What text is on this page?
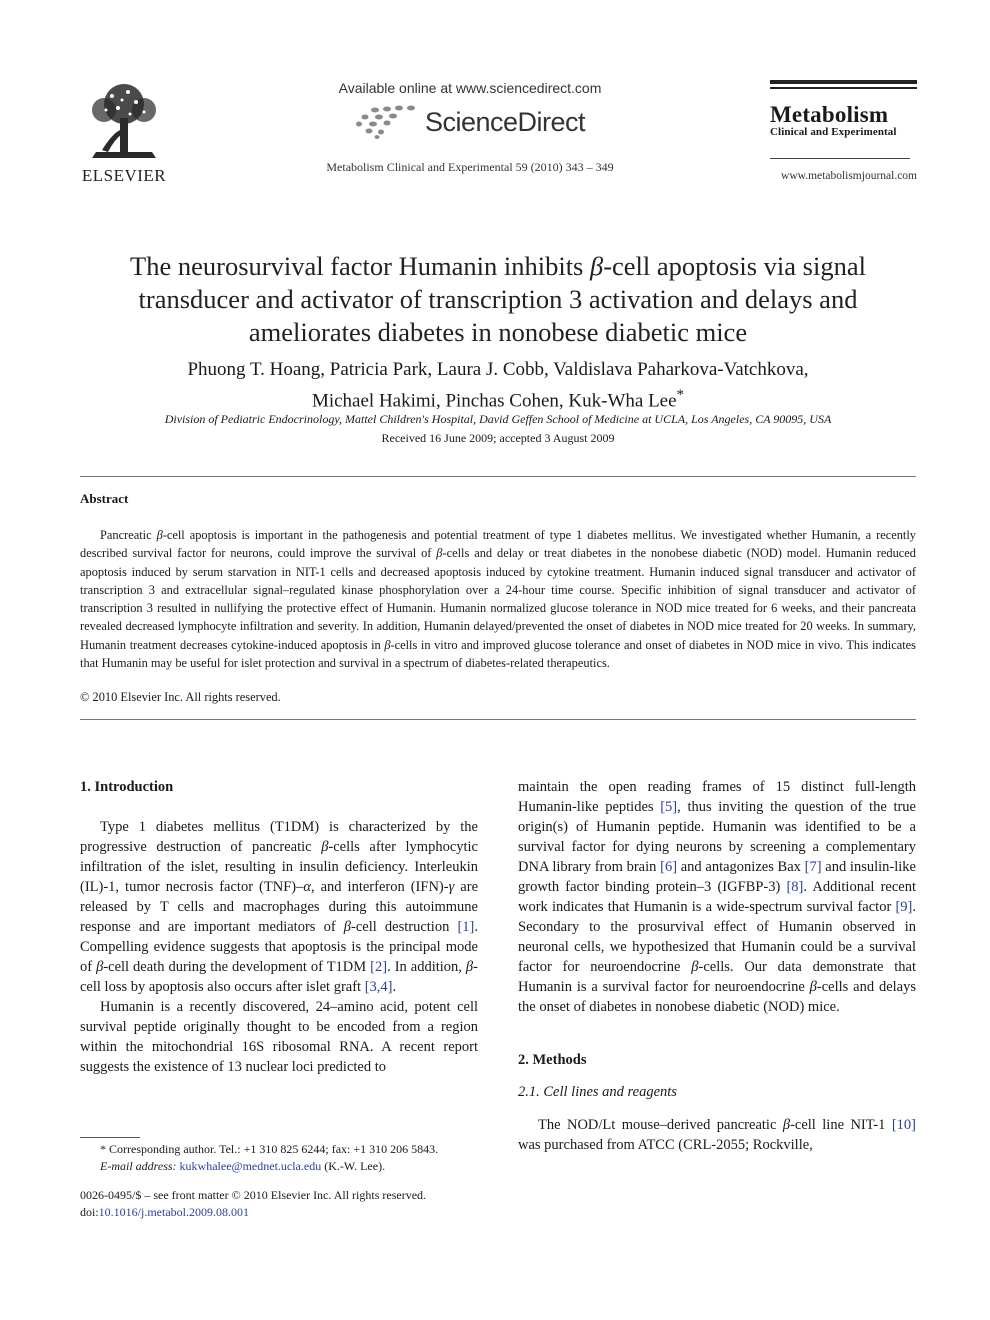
ELSEVIER
Available online at www.sciencedirect.com
ScienceDirect
Metabolism Clinical and Experimental 59 (2010) 343 – 349
Metabolism
Clinical and Experimental
www.metabolismjournal.com
The neurosurvival factor Humanin inhibits β-cell apoptosis via signal transducer and activator of transcription 3 activation and delays and ameliorates diabetes in nonobese diabetic mice
Phuong T. Hoang, Patricia Park, Laura J. Cobb, Valdislava Paharkova-Vatchkova,
Michael Hakimi, Pinchas Cohen, Kuk-Wha Lee*
Division of Pediatric Endocrinology, Mattel Children's Hospital, David Geffen School of Medicine at UCLA, Los Angeles, CA 90095, USA
Received 16 June 2009; accepted 3 August 2009
Abstract
Pancreatic β-cell apoptosis is important in the pathogenesis and potential treatment of type 1 diabetes mellitus. We investigated whether Humanin, a recently described survival factor for neurons, could improve the survival of β-cells and delay or treat diabetes in the nonobese diabetic (NOD) model. Humanin reduced apoptosis induced by serum starvation in NIT-1 cells and decreased apoptosis induced by cytokine treatment. Humanin induced signal transducer and activator of transcription 3 and extracellular signal–regulated kinase phosphorylation over a 24-hour time course. Specific inhibition of signal transducer and activator of transcription 3 resulted in nullifying the protective effect of Humanin. Humanin normalized glucose tolerance in NOD mice treated for 6 weeks, and their pancreata revealed decreased lymphocyte infiltration and severity. In addition, Humanin delayed/prevented the onset of diabetes in NOD mice treated for 20 weeks. In summary, Humanin treatment decreases cytokine-induced apoptosis in β-cells in vitro and improved glucose tolerance and onset of diabetes in NOD mice in vivo. This indicates that Humanin may be useful for islet protection and survival in a spectrum of diabetes-related therapeutics.
© 2010 Elsevier Inc. All rights reserved.
1. Introduction

Type 1 diabetes mellitus (T1DM) is characterized by the progressive destruction of pancreatic β-cells after lymphocytic infiltration of the islet, resulting in insulin deficiency. Interleukin (IL)-1, tumor necrosis factor (TNF)–α, and interferon (IFN)-γ are released by T cells and macrophages during this autoimmune response and are important mediators of β-cell destruction [1]. Compelling evidence suggests that apoptosis is the principal mode of β-cell death during the development of T1DM [2]. In addition, β-cell loss by apoptosis also occurs after islet graft [3,4].

Humanin is a recently discovered, 24–amino acid, potent cell survival peptide originally thought to be encoded from a region within the mitochondrial 16S ribosomal RNA. A recent report suggests the existence of 13 nuclear loci predicted to

* Corresponding author. Tel.: +1 310 825 6244; fax: +1 310 206 5843.
E-mail address: kukwhalee@mednet.ucla.edu (K.-W. Lee).
0026-0495/$ – see front matter © 2010 Elsevier Inc. All rights reserved.
doi:10.1016/j.metabol.2009.08.001

maintain the open reading frames of 15 distinct full-length Humanin-like peptides [5], thus inviting the question of the true origin(s) of Humanin peptide. Humanin was identified to be a survival factor for dying neurons by screening a complementary DNA library from brain [6] and antagonizes Bax [7] and insulin-like growth factor binding protein–3 (IGFBP-3) [8]. Additional recent work indicates that Humanin is a wide-spectrum survival factor [9]. Secondary to the prosurvival effect of Humanin observed in neuronal cells, we hypothesized that Humanin could be a survival factor for neuroendocrine β-cells. Our data demonstrate that Humanin is a survival factor for neuroendocrine β-cells and delays the onset of diabetes in nonobese diabetic (NOD) mice.

2. Methods
2.1. Cell lines and reagents

The NOD/Lt mouse–derived pancreatic β-cell line NIT-1 [10] was purchased from ATCC (CRL-2055; Rockville,
